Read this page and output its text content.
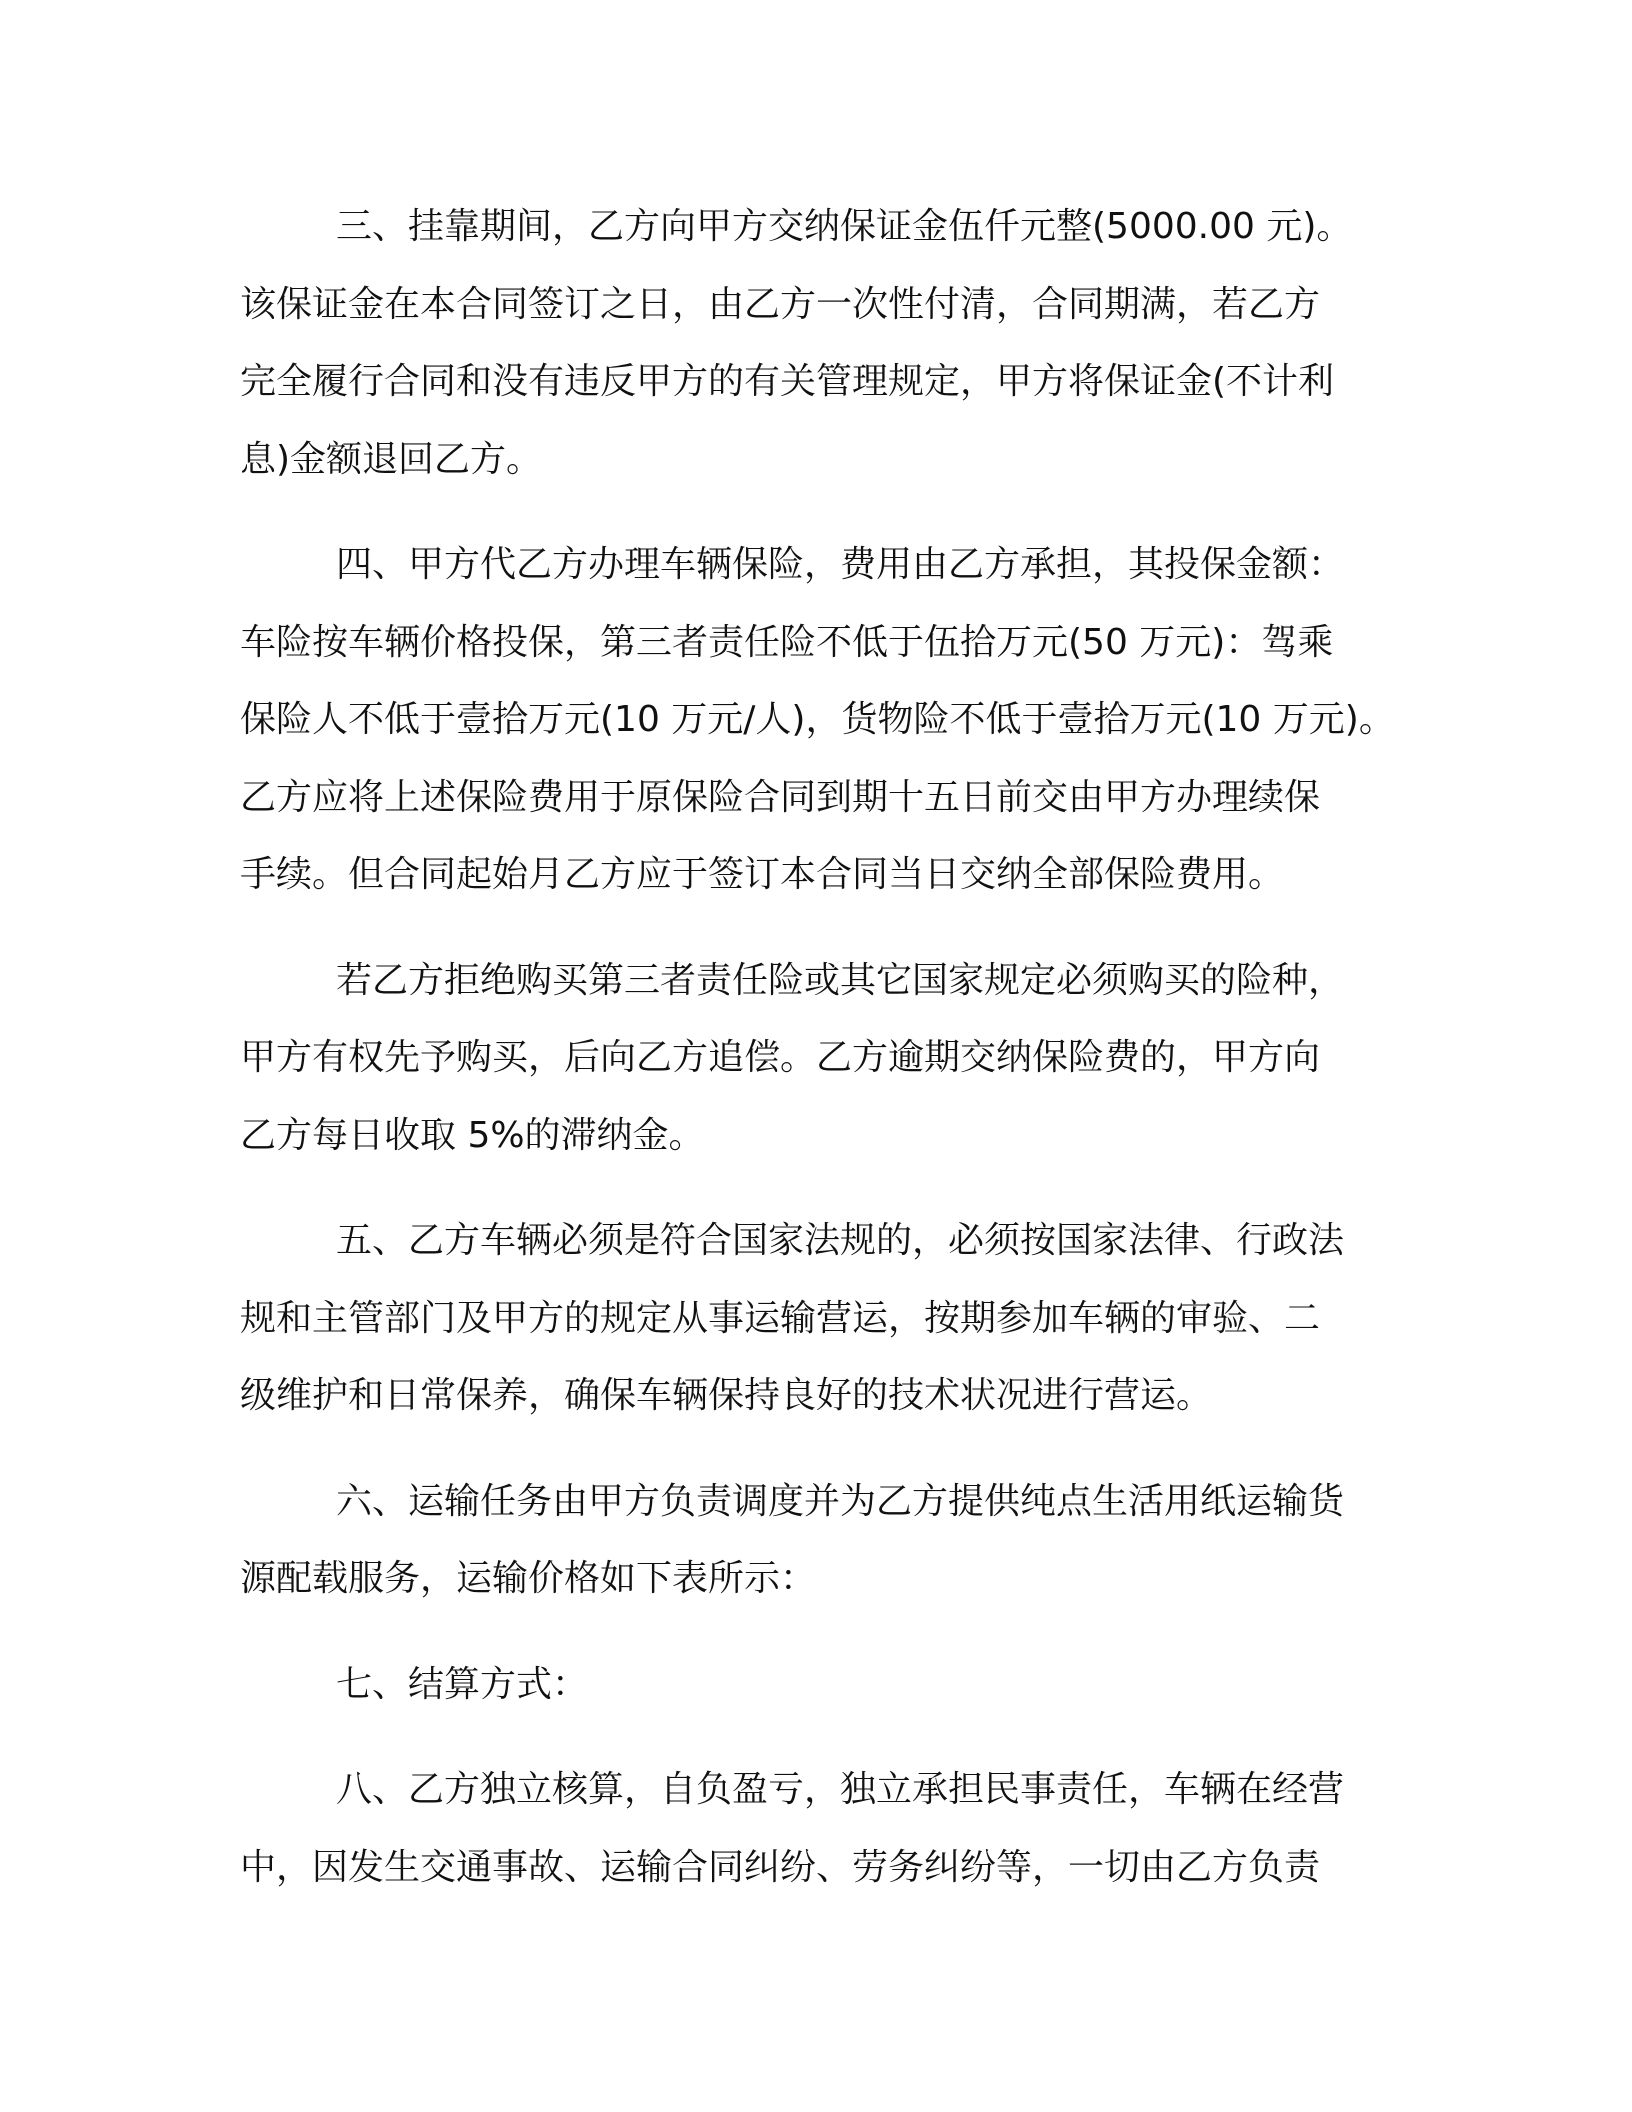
三、挂靠期间，乙方向甲方交纳保证金伍仟元整(5000.00 元)。
该保证金在本合同签订之日，由乙方一次性付清，合同期满，若乙方
完全履行合同和没有违反甲方的有关管理规定，甲方将保证金(不计利
息)金额退回乙方。

四、甲方代乙方办理车辆保险，费用由乙方承担，其投保金额：
车险按车辆价格投保，第三者责任险不低于伍拾万元(50 万元)：驾乘
保险人不低于壹拾万元(10 万元/人)，货物险不低于壹拾万元(10 万元)。
乙方应将上述保险费用于原保险合同到期十五日前交由甲方办理续保
手续。但合同起始月乙方应于签订本合同当日交纳全部保险费用。

若乙方拒绝购买第三者责任险或其它国家规定必须购买的险种，
甲方有权先予购买，后向乙方追偿。乙方逾期交纳保险费的，甲方向
乙方每日收取 5%的滞纳金。

五、乙方车辆必须是符合国家法规的，必须按国家法律、行政法
规和主管部门及甲方的规定从事运输营运，按期参加车辆的审验、二
级维护和日常保养，确保车辆保持良好的技术状况进行营运。

六、运输任务由甲方负责调度并为乙方提供纯点生活用纸运输货
源配载服务，运输价格如下表所示：

七、结算方式：

八、乙方独立核算，自负盈亏，独立承担民事责任，车辆在经营
中，因发生交通事故、运输合同纠纷、劳务纠纷等，一切由乙方负责
